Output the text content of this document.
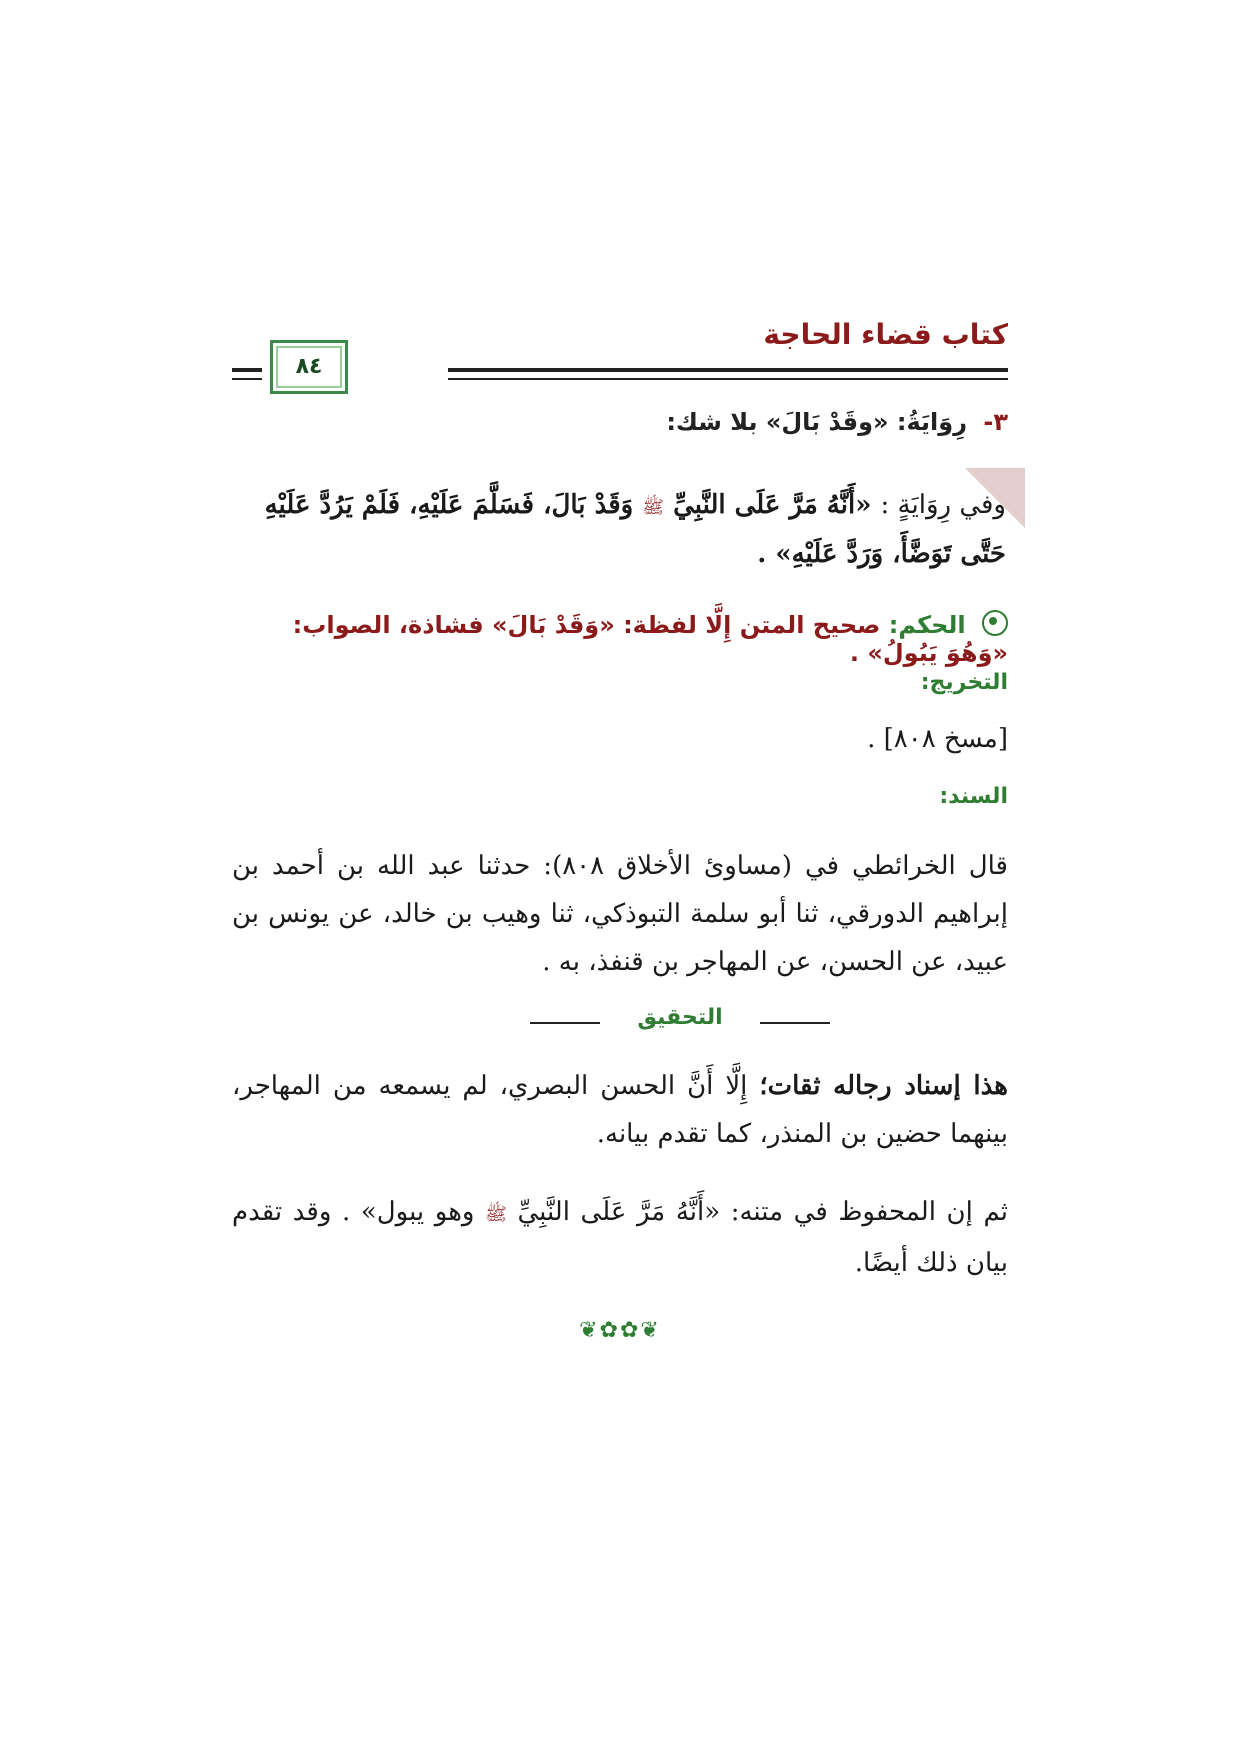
كتاب قضاء الحاجة
٨٤
٣- رِوَايَةُ: «وقَدْ بَالَ» بلا شك:
وفي رِوَايَةٍ : «أَنَّهُ مَرَّ عَلَى النَّبِيِّ ﷺ وَقَدْ بَالَ، فَسَلَّمَ عَلَيْهِ، فَلَمْ يَرُدَّ عَلَيْهِ حَتَّى تَوَضَّأَ، وَرَدَّ عَلَيْهِ» .
الحكم: صحيح المتن إِلَّا لفظة: «وَقَدْ بَالَ» فشاذة، الصواب: «وَهُوَ يَبُولُ» .
التخريج:
[مسخ ٨٠٨] .
السند:
قال الخرائطي في (مساوئ الأخلاق ٨٠٨): حدثنا عبد الله بن أحمد بن إبراهيم الدورقي، ثنا أبو سلمة التبوذكي، ثنا وهيب بن خالد، عن يونس بن عبيد، عن الحسن، عن المهاجر بن قنفذ، به .
التحقيق
هذا إسناد رجاله ثقات؛ إِلَّا أَنَّ الحسن البصري، لم يسمعه من المهاجر، بينهما حضين بن المنذر، كما تقدم بيانه.
ثم إن المحفوظ في متنه: «أَنَّهُ مَرَّ عَلَى النَّبِيِّ ﷺ وهو يبول» . وقد تقدم بيان ذلك أيضًا.
❦✿✿❦
